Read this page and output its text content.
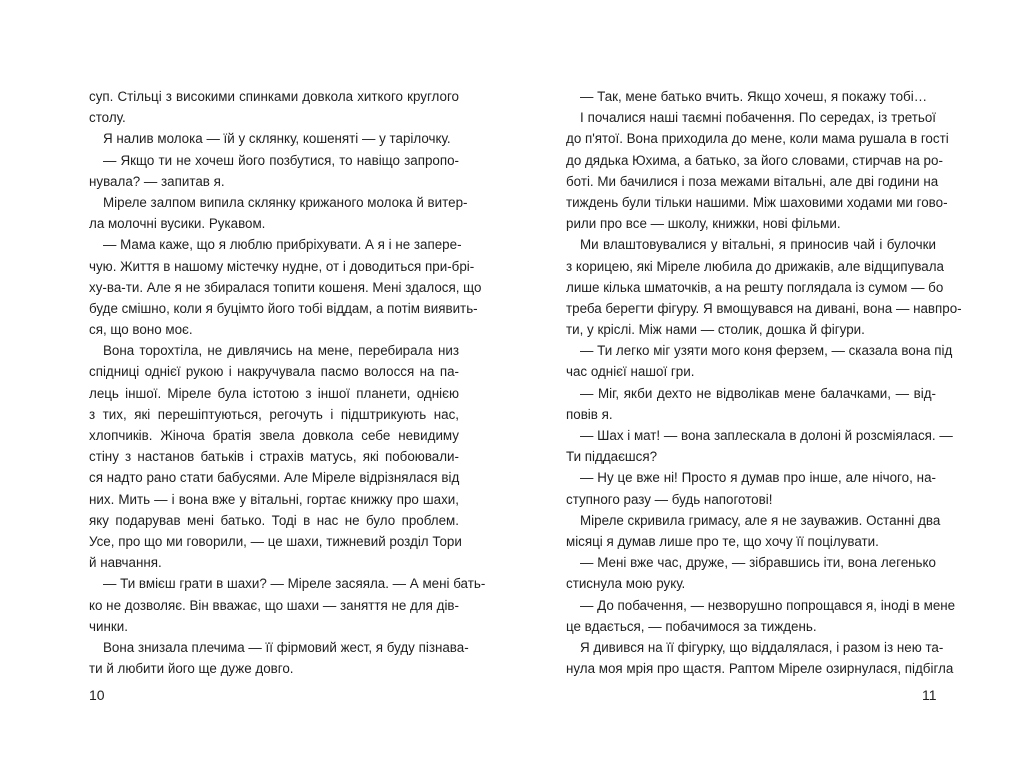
суп. Стільці з високими спинками довкола хиткого круглого
столу.
Я налив молока — їй у склянку, кошеняті — у тарілочку.
— Якщо ти не хочеш його позбутися, то навіщо запропо-
нувала? — запитав я.
Мірелe залпом випила склянку крижаного молока й витер-
ла молочні вусики. Рукавом.
— Мама каже, що я люблю прибріхувати. А я і не запере-
чую. Життя в нашому містечку нудне, от і доводиться при-брі-
ху-ва-ти. Але я не збиралася топити кошеня. Мені здалося, що
буде смішно, коли я буцімто його тобі віддам, а потім виявить-
ся, що воно моє.
Вона торохтіла, не дивлячись на мене, перебирала низ
спідниці однієї рукою і накручувала пасмо волосся на па-
лець іншої. Мірелe була істотою з іншої планети, однією
з тих, які перешіптуються, регочуть і підштрикують нас,
хлопчиків. Жіноча братія звела довкола себе невидиму
стіну з настанов батьків і страхів матусь, які побоювали-
ся надто рано стати бабусями. Але Мірелe відрізнялася від
них. Мить — і вона вже у вітальні, гортає книжку про шахи,
яку подарував мені батько. Тоді в нас не було проблем.
Усе, про що ми говорили, — це шахи, тижневий розділ Тори
й навчання.
— Ти вмієш грати в шахи? — Мірелe засяяла. — А мені бать-
ко не дозволяє. Він вважає, що шахи — заняття не для дів-
чинки.
Вона знизала плечима — її фірмовий жест, я буду пізнава-
ти й любити його ще дуже довго.
— Так, мене батько вчить. Якщо хочеш, я покажу тобі…
І почалися наші таємні побачення. По середах, із третьої
до п'ятої. Вона приходила до мене, коли мама рушала в гості
до дядька Юхима, а батько, за його словами, стирчав на ро-
боті. Ми бачилися і поза межами вітальні, але дві години на
тиждень були тільки нашими. Між шаховими ходами ми гово-
рили про все — школу, книжки, нові фільми.
Ми влаштовувалися у вітальні, я приносив чай і булочки
з корицею, які Мірелe любила до дрижаків, але відщипувала
лише кілька шматочків, а на решту поглядала із сумом — бо
треба берегти фігуру. Я вмощувався на дивані, вона — навпро-
ти, у кріслі. Між нами — столик, дошка й фігури.
— Ти легко міг узяти мого коня ферзем, — сказала вона під
час однієї нашої гри.
— Міг, якби дехто не відволікав мене балачками, — від-
повів я.
— Шах і мат! — вона заплескала в долоні й розсміялася. —
Ти піддаєшся?
— Ну це вже ні! Просто я думав про інше, але нічого, на-
ступного разу — будь напоготові!
Мірелe скривила гримасу, але я не зауважив. Останні два
місяці я думав лише про те, що хочу її поцілувати.
— Мені вже час, друже, — зібравшись іти, вона легенько
стиснула мою руку.
— До побачення, — незворушно попрощався я, іноді в мене
це вдається, — побачимося за тиждень.
Я дивився на її фігурку, що віддалялася, і разом із нею та-
нула моя мрія про щастя. Раптом Мірелe озирнулася, підбігла
10	11
